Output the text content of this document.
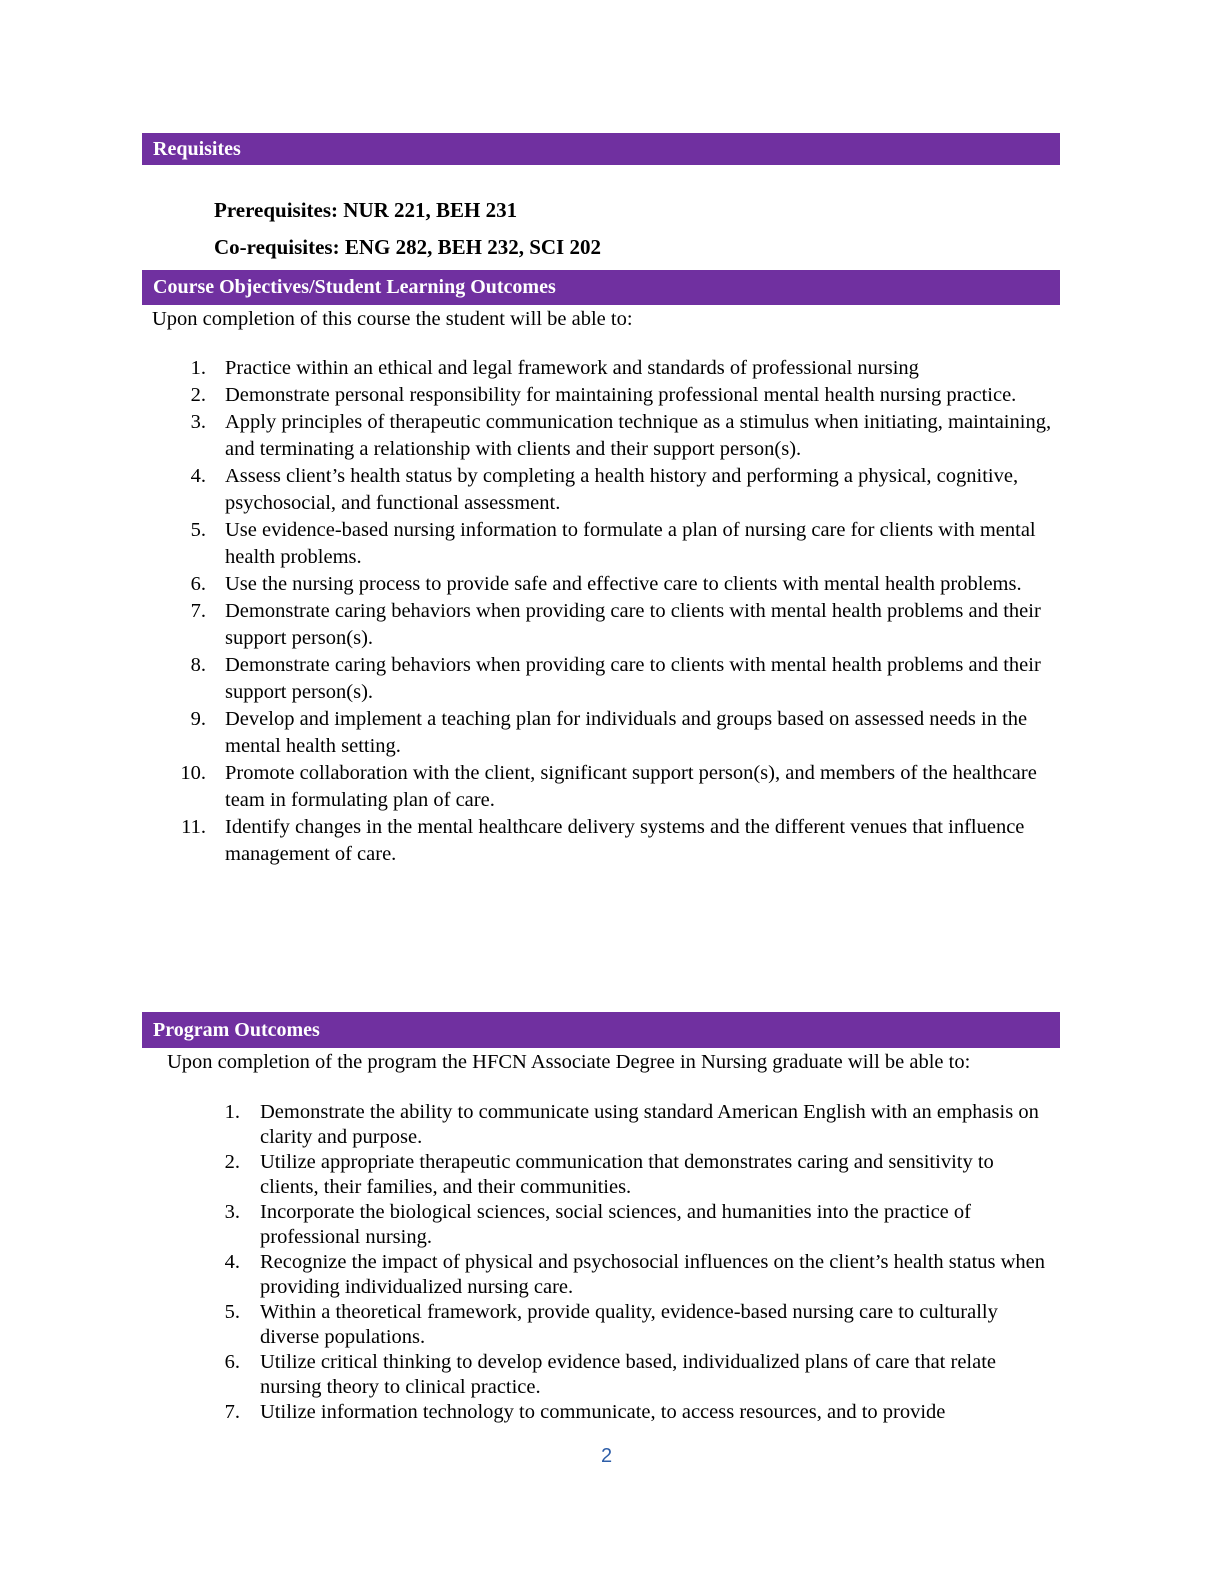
Requisites
Prerequisites: NUR 221, BEH 231
Co-requisites: ENG 282, BEH 232, SCI 202
Course Objectives/Student Learning Outcomes
Upon completion of this course the student will be able to:
1. Practice within an ethical and legal framework and standards of professional nursing
2. Demonstrate personal responsibility for maintaining professional mental health nursing practice.
3. Apply principles of therapeutic communication technique as a stimulus when initiating, maintaining, and terminating a relationship with clients and their support person(s).
4. Assess client’s health status by completing a health history and performing a physical, cognitive, psychosocial, and functional assessment.
5. Use evidence-based nursing information to formulate a plan of nursing care for clients with mental health problems.
6. Use the nursing process to provide safe and effective care to clients with mental health problems.
7. Demonstrate caring behaviors when providing care to clients with mental health problems and their support person(s).
8. Demonstrate caring behaviors when providing care to clients with mental health problems and their support person(s).
9. Develop and implement a teaching plan for individuals and groups based on assessed needs in the mental health setting.
10. Promote collaboration with the client, significant support person(s), and members of the healthcare team in formulating plan of care.
11. Identify changes in the mental healthcare delivery systems and the different venues that influence management of care.
Program Outcomes
Upon completion of the program the HFCN Associate Degree in Nursing graduate will be able to:
1. Demonstrate the ability to communicate using standard American English with an emphasis on clarity and purpose.
2. Utilize appropriate therapeutic communication that demonstrates caring and sensitivity to clients, their families, and their communities.
3. Incorporate the biological sciences, social sciences, and humanities into the practice of professional nursing.
4. Recognize the impact of physical and psychosocial influences on the client’s health status when providing individualized nursing care.
5. Within a theoretical framework, provide quality, evidence-based nursing care to culturally diverse populations.
6. Utilize critical thinking to develop evidence based, individualized plans of care that relate nursing theory to clinical practice.
7. Utilize information technology to communicate, to access resources, and to provide
2
